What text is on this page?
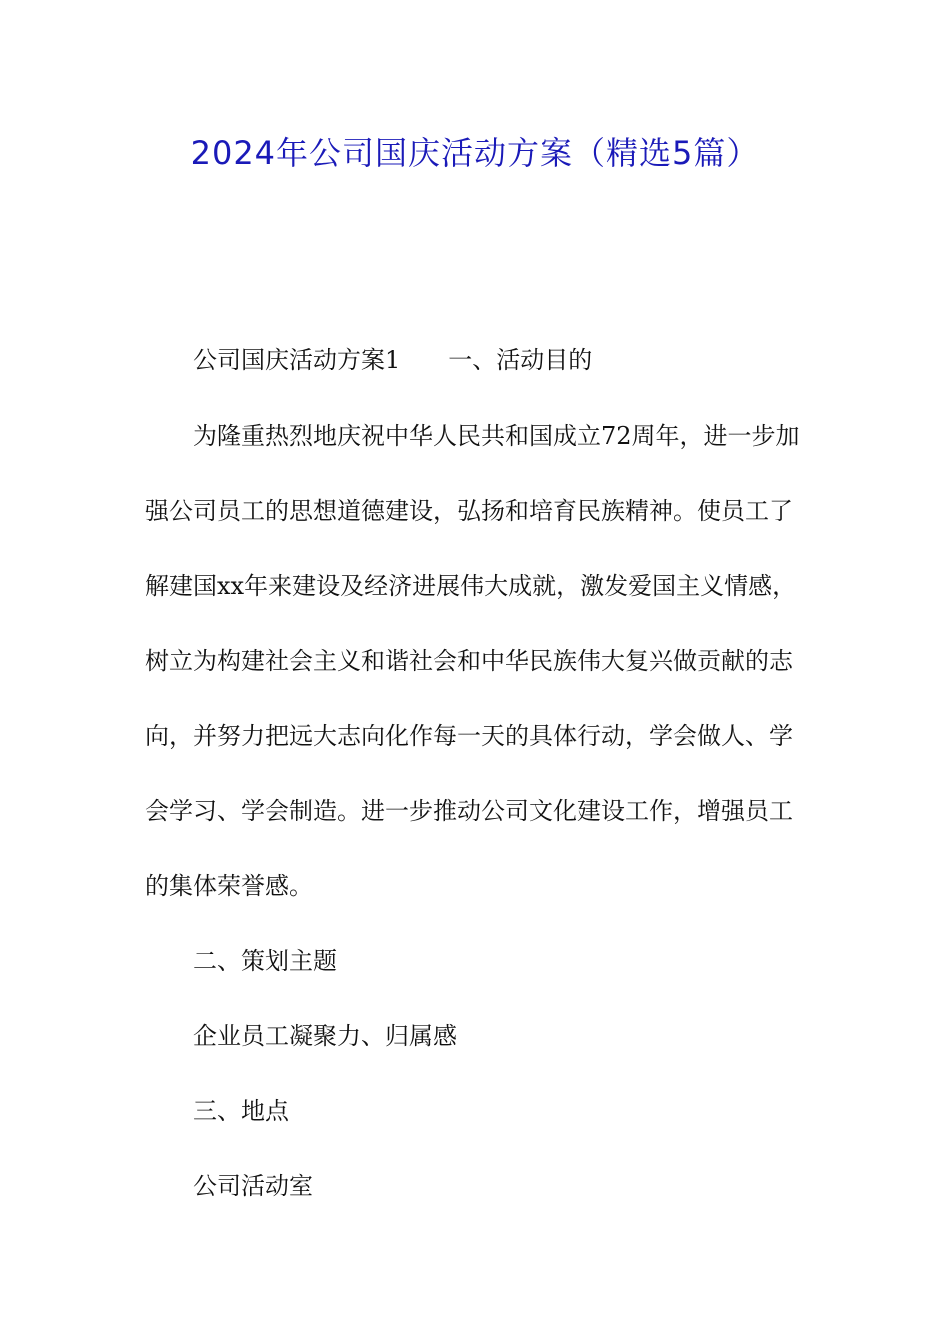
2024年公司国庆活动方案（精选5篇）
公司国庆活动方案1 一、活动目的
为隆重热烈地庆祝中华人民共和国成立72周年，进一步加
强公司员工的思想道德建设，弘扬和培育民族精神。使员工了
解建国xx年来建设及经济进展伟大成就，激发爱国主义情感，
树立为构建社会主义和谐社会和中华民族伟大复兴做贡献的志
向，并努力把远大志向化作每一天的具体行动，学会做人、学
会学习、学会制造。进一步推动公司文化建设工作，增强员工
的集体荣誉感。
二、策划主题
企业员工凝聚力、归属感
三、地点
公司活动室
